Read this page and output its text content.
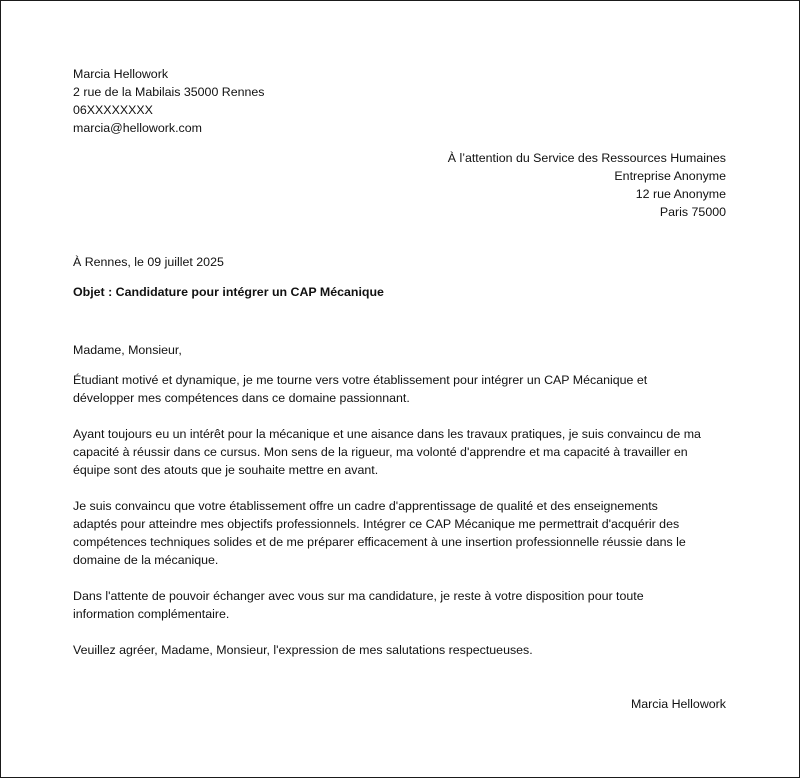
Marcia Hellowork
2 rue de la Mabilais 35000 Rennes
06XXXXXXXX
marcia@hellowork.com
À l’attention du Service des Ressources Humaines
Entreprise Anonyme
12 rue Anonyme
Paris 75000
À Rennes, le 09 juillet 2025
Objet : Candidature pour intégrer un CAP Mécanique
Madame, Monsieur,
Étudiant motivé et dynamique, je me tourne vers votre établissement pour intégrer un CAP Mécanique et
développer mes compétences dans ce domaine passionnant.
Ayant toujours eu un intérêt pour la mécanique et une aisance dans les travaux pratiques, je suis convaincu de ma
capacité à réussir dans ce cursus. Mon sens de la rigueur, ma volonté d'apprendre et ma capacité à travailler en
équipe sont des atouts que je souhaite mettre en avant.
Je suis convaincu que votre établissement offre un cadre d'apprentissage de qualité et des enseignements
adaptés pour atteindre mes objectifs professionnels. Intégrer ce CAP Mécanique me permettrait d'acquérir des
compétences techniques solides et de me préparer efficacement à une insertion professionnelle réussie dans le
domaine de la mécanique.
Dans l'attente de pouvoir échanger avec vous sur ma candidature, je reste à votre disposition pour toute
information complémentaire.
Veuillez agréer, Madame, Monsieur, l'expression de mes salutations respectueuses.
Marcia Hellowork
